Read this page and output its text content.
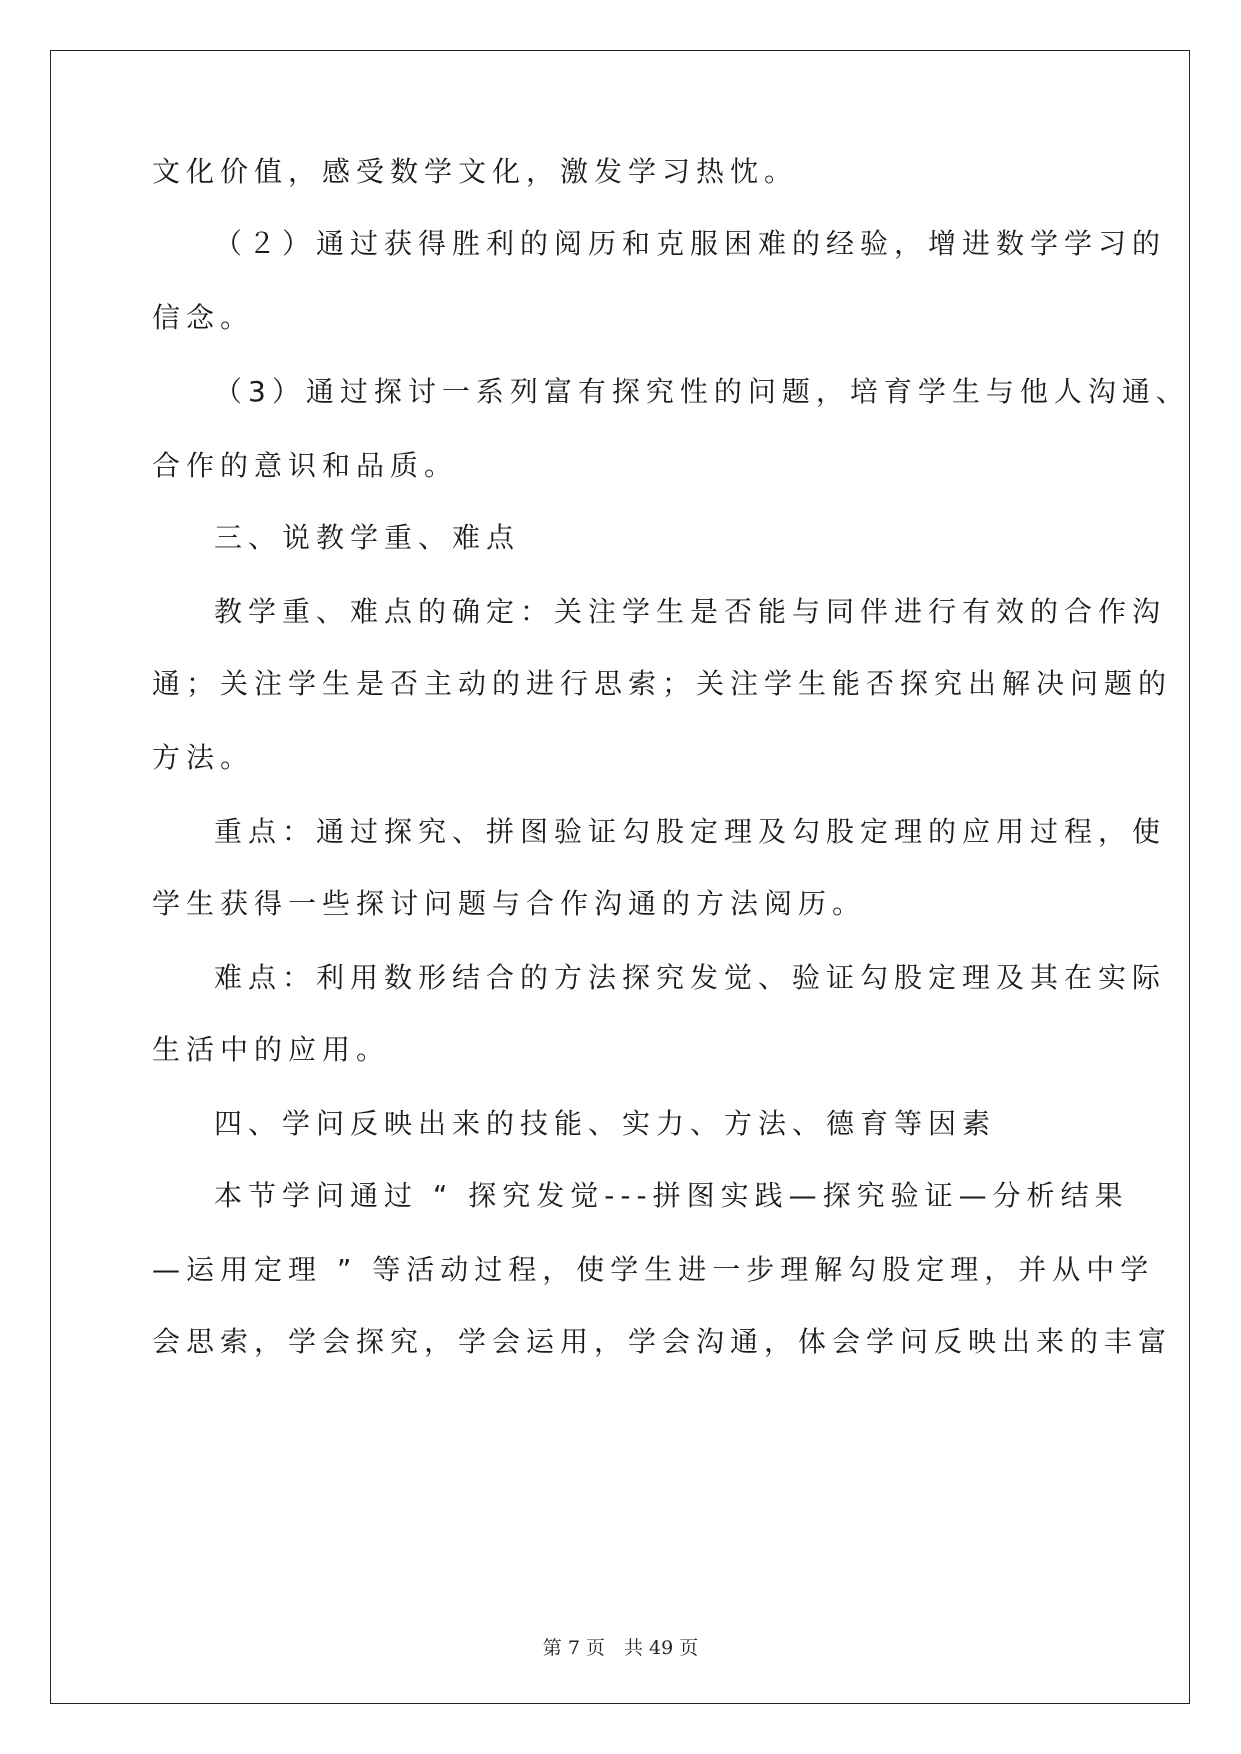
文化价值，感受数学文化，激发学习热忱。
（２）通过获得胜利的阅历和克服困难的经验，增进数学学习的
信念。
（3）通过探讨一系列富有探究性的问题，培育学生与他人沟通、
合作的意识和品质。
三、说教学重、难点
教学重、难点的确定：关注学生是否能与同伴进行有效的合作沟
通；关注学生是否主动的进行思索；关注学生能否探究出解决问题的
方法。
重点：通过探究、拼图验证勾股定理及勾股定理的应用过程，使
学生获得一些探讨问题与合作沟通的方法阅历。
难点：利用数形结合的方法探究发觉、验证勾股定理及其在实际
生活中的应用。
四、学问反映出来的技能、实力、方法、德育等因素
本节学问通过 “ 探究发觉---拼图实践—探究验证—分析结果
—运用定理 ” 等活动过程，使学生进一步理解勾股定理，并从中学
会思索，学会探究，学会运用，学会沟通，体会学问反映出来的丰富
第 7 页　共 49 页
